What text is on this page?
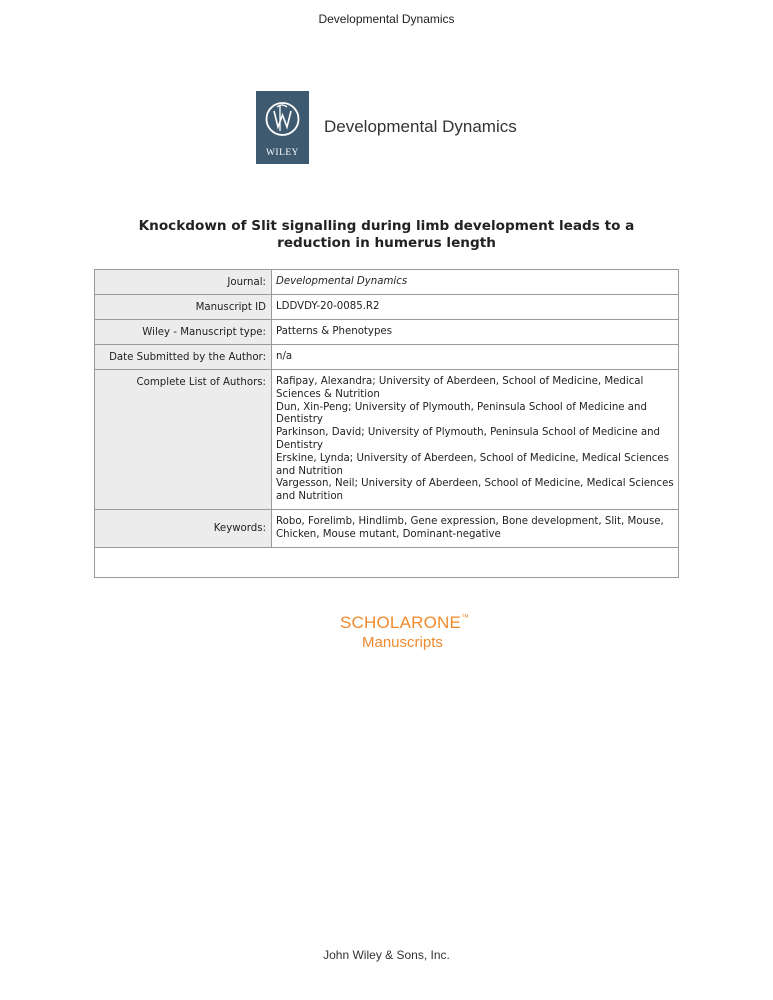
Developmental Dynamics
WILEY
Developmental Dynamics
Knockdown of Slit signalling during limb development leads to a reduction in humerus length
Journal:	Developmental Dynamics
Manuscript ID	LDDVDY-20-0085.R2
Wiley - Manuscript type:	Patterns & Phenotypes
Date Submitted by the Author:	n/a
Complete List of Authors:	Rafipay, Alexandra; University of Aberdeen, School of Medicine, Medical Sciences & Nutrition
Dun, Xin-Peng; University of Plymouth, Peninsula School of Medicine and Dentistry
Parkinson, David; University of Plymouth, Peninsula School of Medicine and Dentistry
Erskine, Lynda; University of Aberdeen, School of Medicine, Medical Sciences and Nutrition
Vargesson, Neil; University of Aberdeen, School of Medicine, Medical Sciences and Nutrition

Keywords:	Robo, Forelimb, Hindlimb, Gene expression, Bone development, Slit, Mouse, Chicken, Mouse mutant, Dominant-negative

SCHOLARONE™
Manuscripts
John Wiley & Sons, Inc.
